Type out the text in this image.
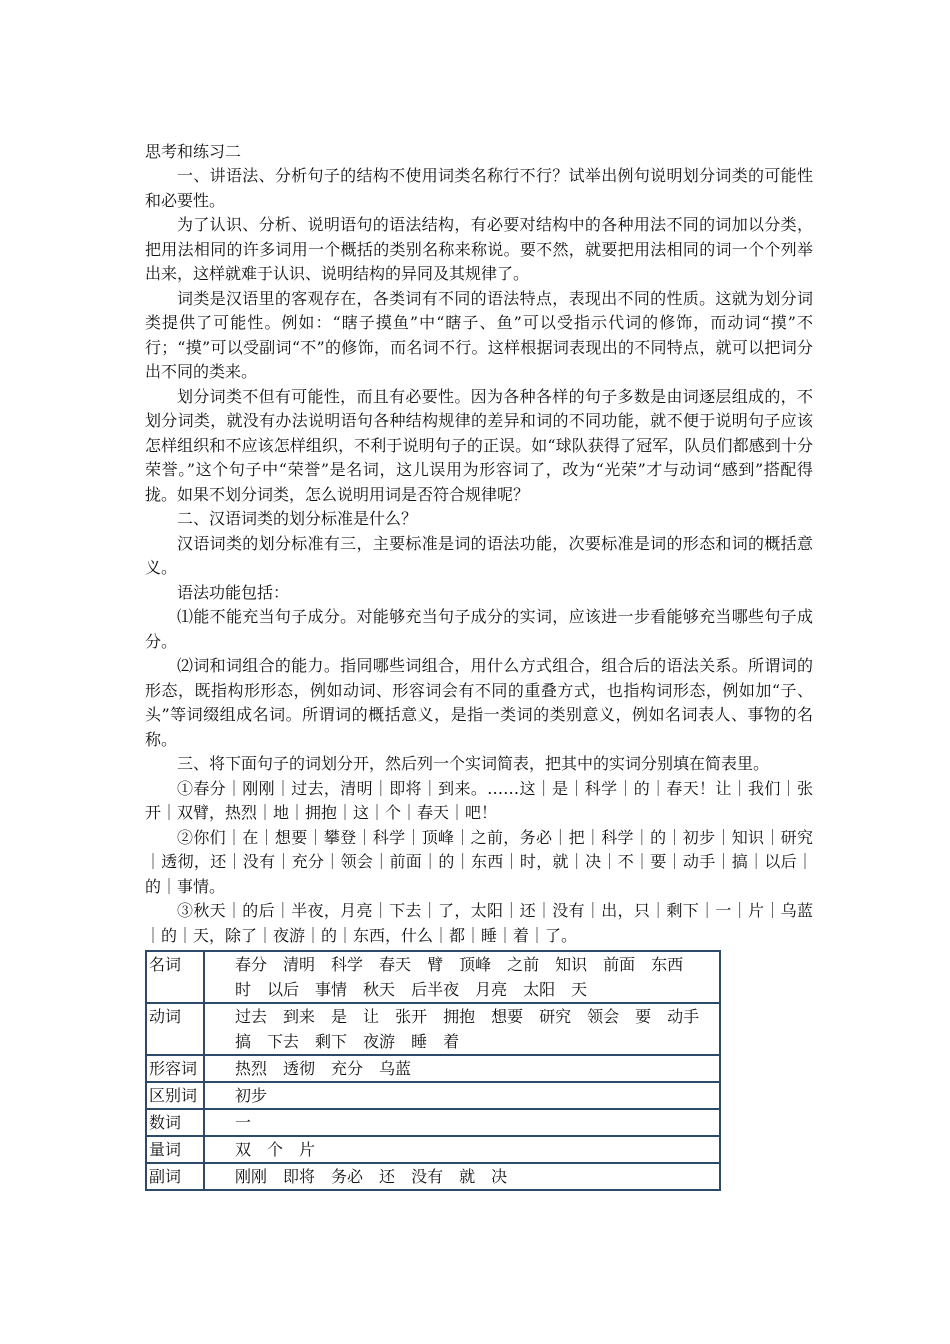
思考和练习二

一、讲语法、分析句子的结构不使用词类名称行不行？试举出例句说明划分词类的可能性和必要性。

为了认识、分析、说明语句的语法结构，有必要对结构中的各种用法不同的词加以分类，把用法相同的许多词用一个概括的类别名称来称说。要不然，就要把用法相同的词一个个列举出来，这样就难于认识、说明结构的异同及其规律了。

词类是汉语里的客观存在，各类词有不同的语法特点，表现出不同的性质。这就为划分词类提供了可能性。例如：“瞎子摸鱼”中“瞎子、鱼”可以受指示代词的修饰，而动词“摸”不行；“摸”可以受副词“不”的修饰，而名词不行。这样根据词表现出的不同特点，就可以把词分出不同的类来。

划分词类不但有可能性，而且有必要性。因为各种各样的句子多数是由词逐层组成的，不划分词类，就没有办法说明语句各种结构规律的差异和词的不同功能，就不便于说明句子应该怎样组织和不应该怎样组织，不利于说明句子的正误。如“球队获得了冠军，队员们都感到十分荣誉。”这个句子中“荣誉”是名词，这儿误用为形容词了，改为“光荣”才与动词“感到”搭配得拢。如果不划分词类，怎么说明用词是否符合规律呢？

二、汉语词类的划分标准是什么？

汉语词类的划分标准有三，主要标准是词的语法功能，次要标准是词的形态和词的概括意义。

语法功能包括：

⑴能不能充当句子成分。对能够充当句子成分的实词，应该进一步看能够充当哪些句子成分。

⑵词和词组合的能力。指同哪些词组合，用什么方式组合，组合后的语法关系。所谓词的形态，既指构形形态，例如动词、形容词会有不同的重叠方式，也指构词形态，例如加“子、头”等词缀组成名词。所谓词的概括意义，是指一类词的类别意义，例如名词表人、事物的名称。

三、将下面句子的词划分开，然后列一个实词简表，把其中的实词分别填在简表里。

①春分｜刚刚｜过去，清明｜即将｜到来。……这｜是｜科学｜的｜春天！让｜我们｜张开｜双臂，热烈｜地｜拥抱｜这｜个｜春天｜吧！

②你们｜在｜想要｜攀登｜科学｜顶峰｜之前，务必｜把｜科学｜的｜初步｜知识｜研究｜透彻，还｜没有｜充分｜领会｜前面｜的｜东西｜时，就｜决｜不｜要｜动手｜搞｜以后｜的｜事情。

③秋天｜的后｜半夜，月亮｜下去｜了，太阳｜还｜没有｜出，只｜剩下｜一｜片｜乌蓝｜的｜天，除了｜夜游｜的｜东西，什么｜都｜睡｜着｜了。

名词	春分  清明  科学  春天  臂  顶峰  之前  知识  前面  东西 时  以后  事情  秋天  后半夜  月亮  太阳  天
动词	过去  到来  是  让  张开  拥抱  想要  研究  领会  要  动手 搞  下去  剩下  夜游  睡  着
形容词	热烈  透彻  充分  乌蓝
区别词	初步
数词	一
量词	双  个  片
副词	刚刚  即将  务必  还  没有  就  决
